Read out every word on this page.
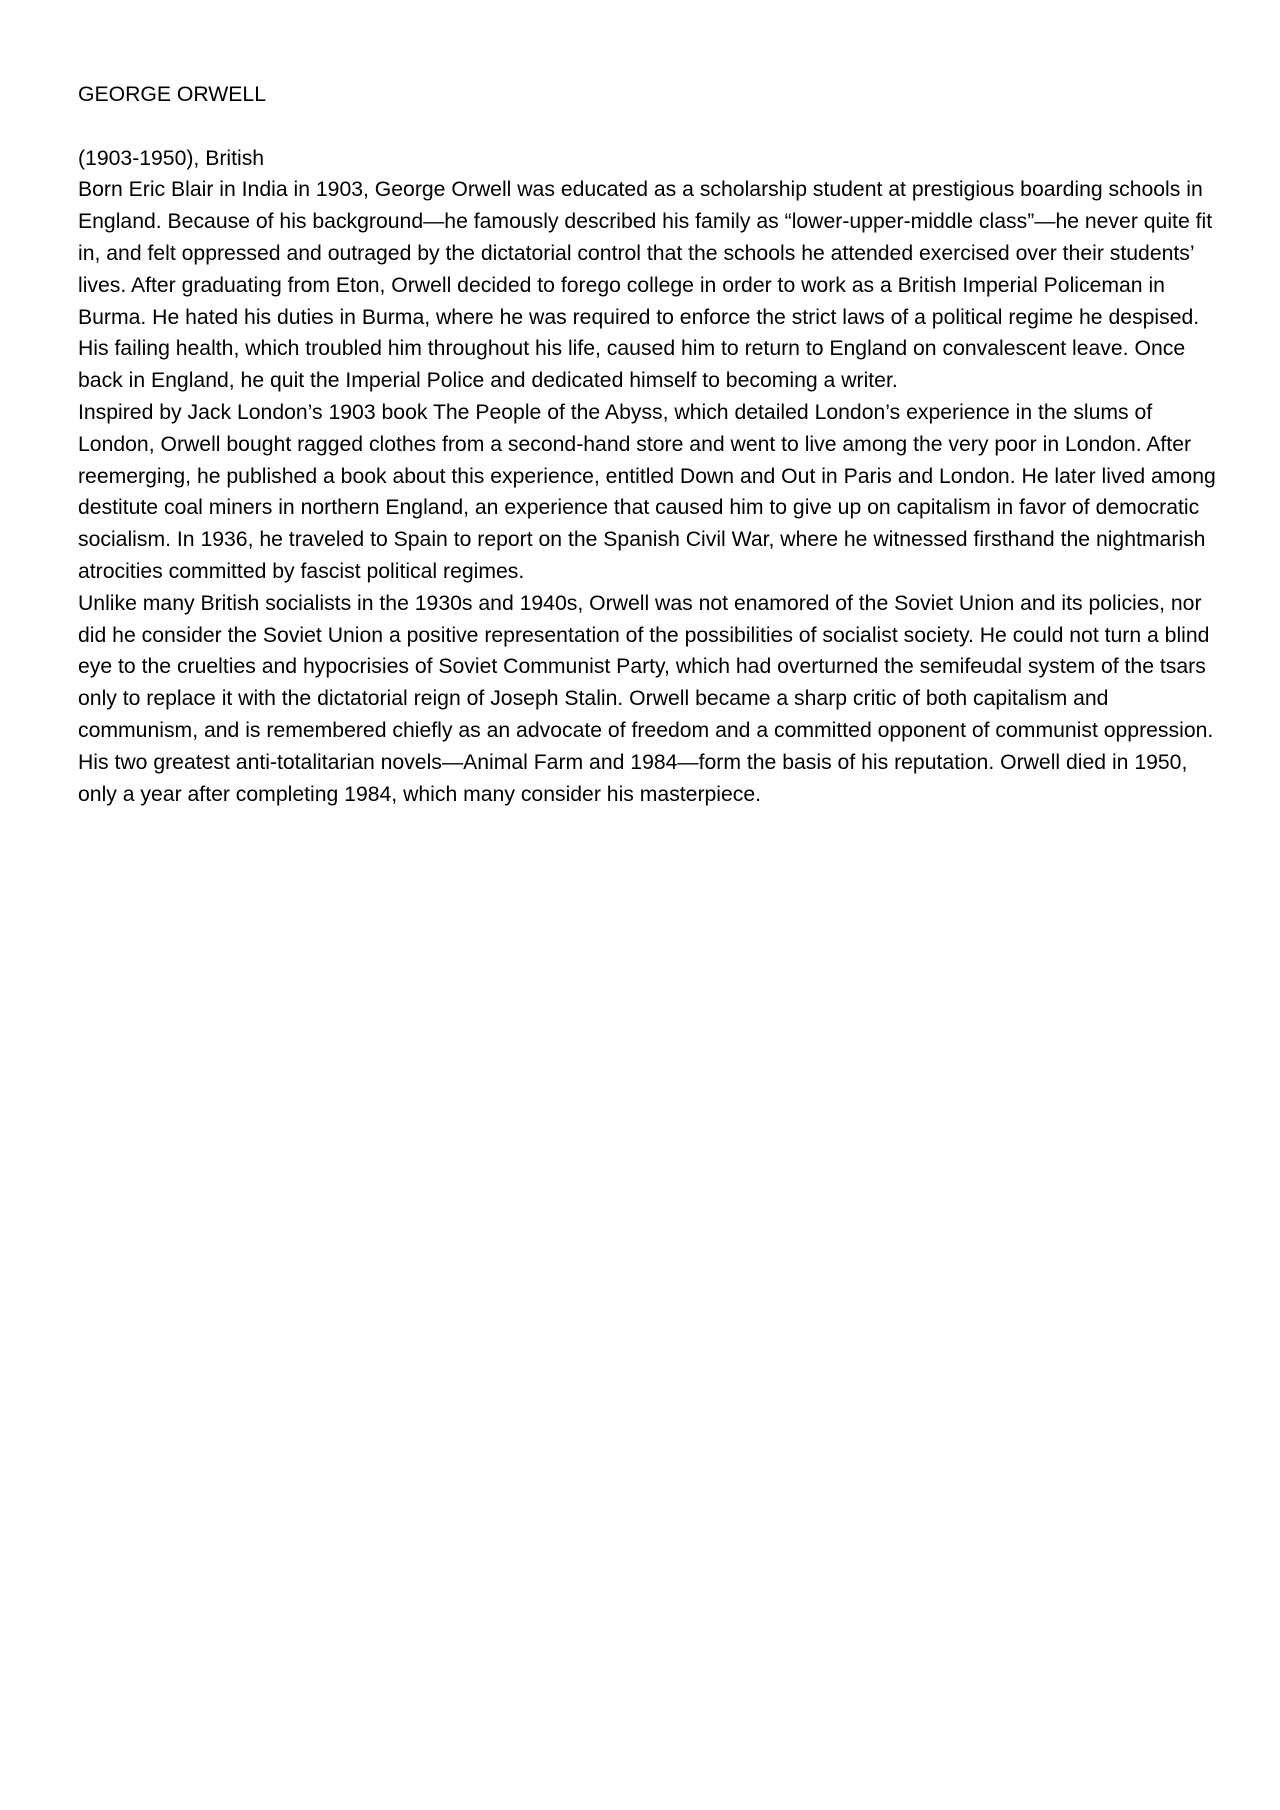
GEORGE ORWELL

(1903-1950), British

Born Eric Blair in India in 1903, George Orwell was educated as a scholarship student at prestigious boarding schools in England. Because of his background—he famously described his family as “lower-upper-middle class”—he never quite fit in, and felt oppressed and outraged by the dictatorial control that the schools he attended exercised over their students’ lives. After graduating from Eton, Orwell decided to forego college in order to work as a British Imperial Policeman in Burma. He hated his duties in Burma, where he was required to enforce the strict laws of a political regime he despised. His failing health, which troubled him throughout his life, caused him to return to England on convalescent leave. Once back in England, he quit the Imperial Police and dedicated himself to becoming a writer.

Inspired by Jack London’s 1903 book The People of the Abyss, which detailed London’s experience in the slums of London, Orwell bought ragged clothes from a second-hand store and went to live among the very poor in London. After reemerging, he published a book about this experience, entitled Down and Out in Paris and London. He later lived among destitute coal miners in northern England, an experience that caused him to give up on capitalism in favor of democratic socialism. In 1936, he traveled to Spain to report on the Spanish Civil War, where he witnessed firsthand the nightmarish atrocities committed by fascist political regimes.

Unlike many British socialists in the 1930s and 1940s, Orwell was not enamored of the Soviet Union and its policies, nor did he consider the Soviet Union a positive representation of the possibilities of socialist society. He could not turn a blind eye to the cruelties and hypocrisies of Soviet Communist Party, which had overturned the semifeudal system of the tsars only to replace it with the dictatorial reign of Joseph Stalin. Orwell became a sharp critic of both capitalism and communism, and is remembered chiefly as an advocate of freedom and a committed opponent of communist oppression. His two greatest anti-totalitarian novels—Animal Farm and 1984—form the basis of his reputation. Orwell died in 1950, only a year after completing 1984, which many consider his masterpiece.
